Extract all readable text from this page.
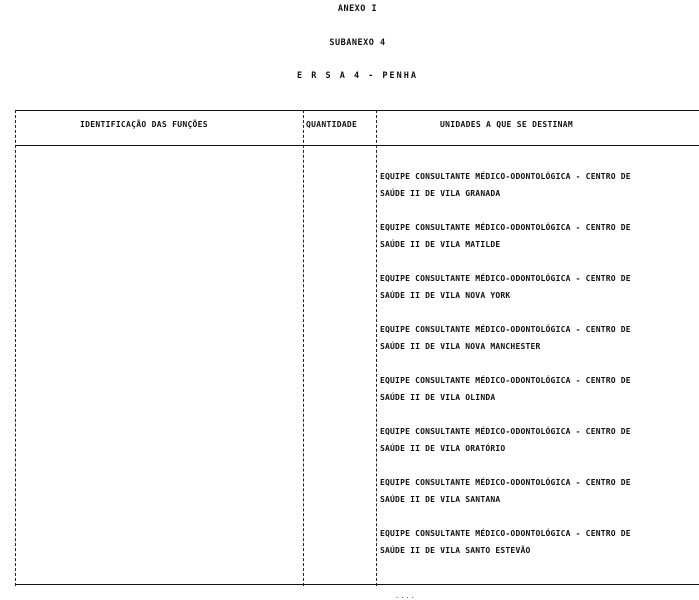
ANEXO I
SUBANEXO 4
E R S A 4 - PENHA
IDENTIFICAÇÃO DAS FUNÇÕES	QUANTIDADE	UNIDADES A QUE SE DESTINAM
EQUIPE CONSULTANTE MÉDICO-ODONTOLÓGICA - CENTRO DE
SAÚDE II DE VILA GRANADA
EQUIPE CONSULTANTE MÉDICO-ODONTOLÓGICA - CENTRO DE
SAÚDE II DE VILA MATILDE
EQUIPE CONSULTANTE MÉDICO-ODONTOLÓGICA - CENTRO DE
SAÚDE II DE VILA NOVA YORK
EQUIPE CONSULTANTE MÉDICO-ODONTOLÓGICA - CENTRO DE
SAÚDE II DE VILA NOVA MANCHESTER
EQUIPE CONSULTANTE MÉDICO-ODONTOLÓGICA - CENTRO DE
SAÚDE II DE VILA OLINDA
EQUIPE CONSULTANTE MÉDICO-ODONTOLÓGICA - CENTRO DE
SAÚDE II DE VILA ORATÓRIO
EQUIPE CONSULTANTE MÉDICO-ODONTOLÓGICA - CENTRO DE
SAÚDE II DE VILA SANTANA
EQUIPE CONSULTANTE MÉDICO-ODONTOLÓGICA - CENTRO DE
SAÚDE II DE VILA SANTO ESTEVÃO
....
